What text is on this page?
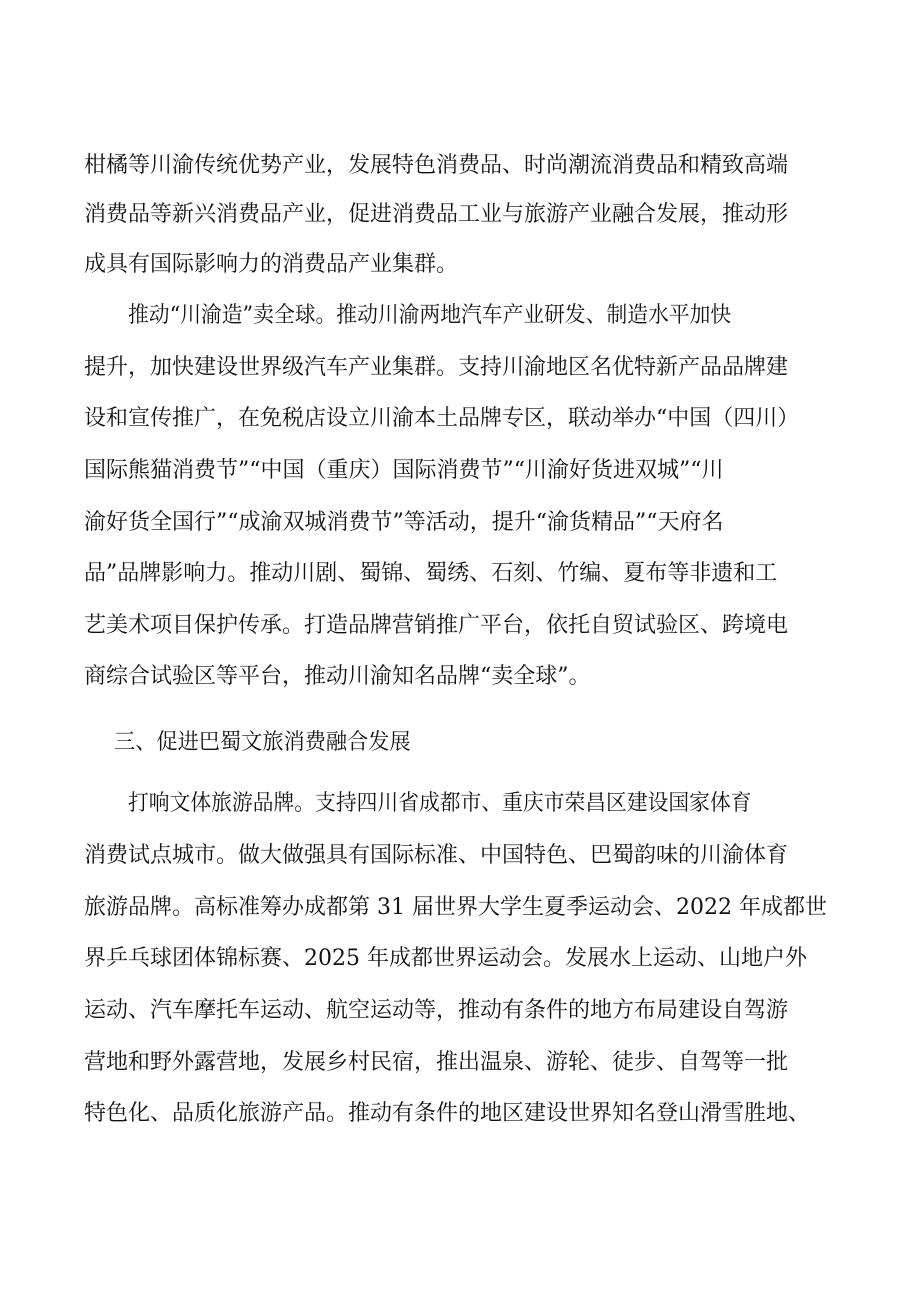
柑橘等川渝传统优势产业，发展特色消费品、时尚潮流消费品和精致高端
消费品等新兴消费品产业，促进消费品工业与旅游产业融合发展，推动形
成具有国际影响力的消费品产业集群。
推动“川渝造”卖全球。推动川渝两地汽车产业研发、制造水平加快
提升，加快建设世界级汽车产业集群。支持川渝地区名优特新产品品牌建
设和宣传推广，在免税店设立川渝本土品牌专区，联动举办“中国（四川）
国际熊猫消费节”“中国（重庆）国际消费节”“川渝好货进双城”“川
渝好货全国行”“成渝双城消费节”等活动，提升“渝货精品”“天府名
品”品牌影响力。推动川剧、蜀锦、蜀绣、石刻、竹编、夏布等非遗和工
艺美术项目保护传承。打造品牌营销推广平台，依托自贸试验区、跨境电
商综合试验区等平台，推动川渝知名品牌“卖全球”。
三、促进巴蜀文旅消费融合发展
打响文体旅游品牌。支持四川省成都市、重庆市荣昌区建设国家体育
消费试点城市。做大做强具有国际标准、中国特色、巴蜀韵味的川渝体育
旅游品牌。高标准筹办成都第 31 届世界大学生夏季运动会、2022 年成都世
界乒乓球团体锦标赛、2025 年成都世界运动会。发展水上运动、山地户外
运动、汽车摩托车运动、航空运动等，推动有条件的地方布局建设自驾游
营地和野外露营地，发展乡村民宿，推出温泉、游轮、徒步、自驾等一批
特色化、品质化旅游产品。推动有条件的地区建设世界知名登山滑雪胜地、
